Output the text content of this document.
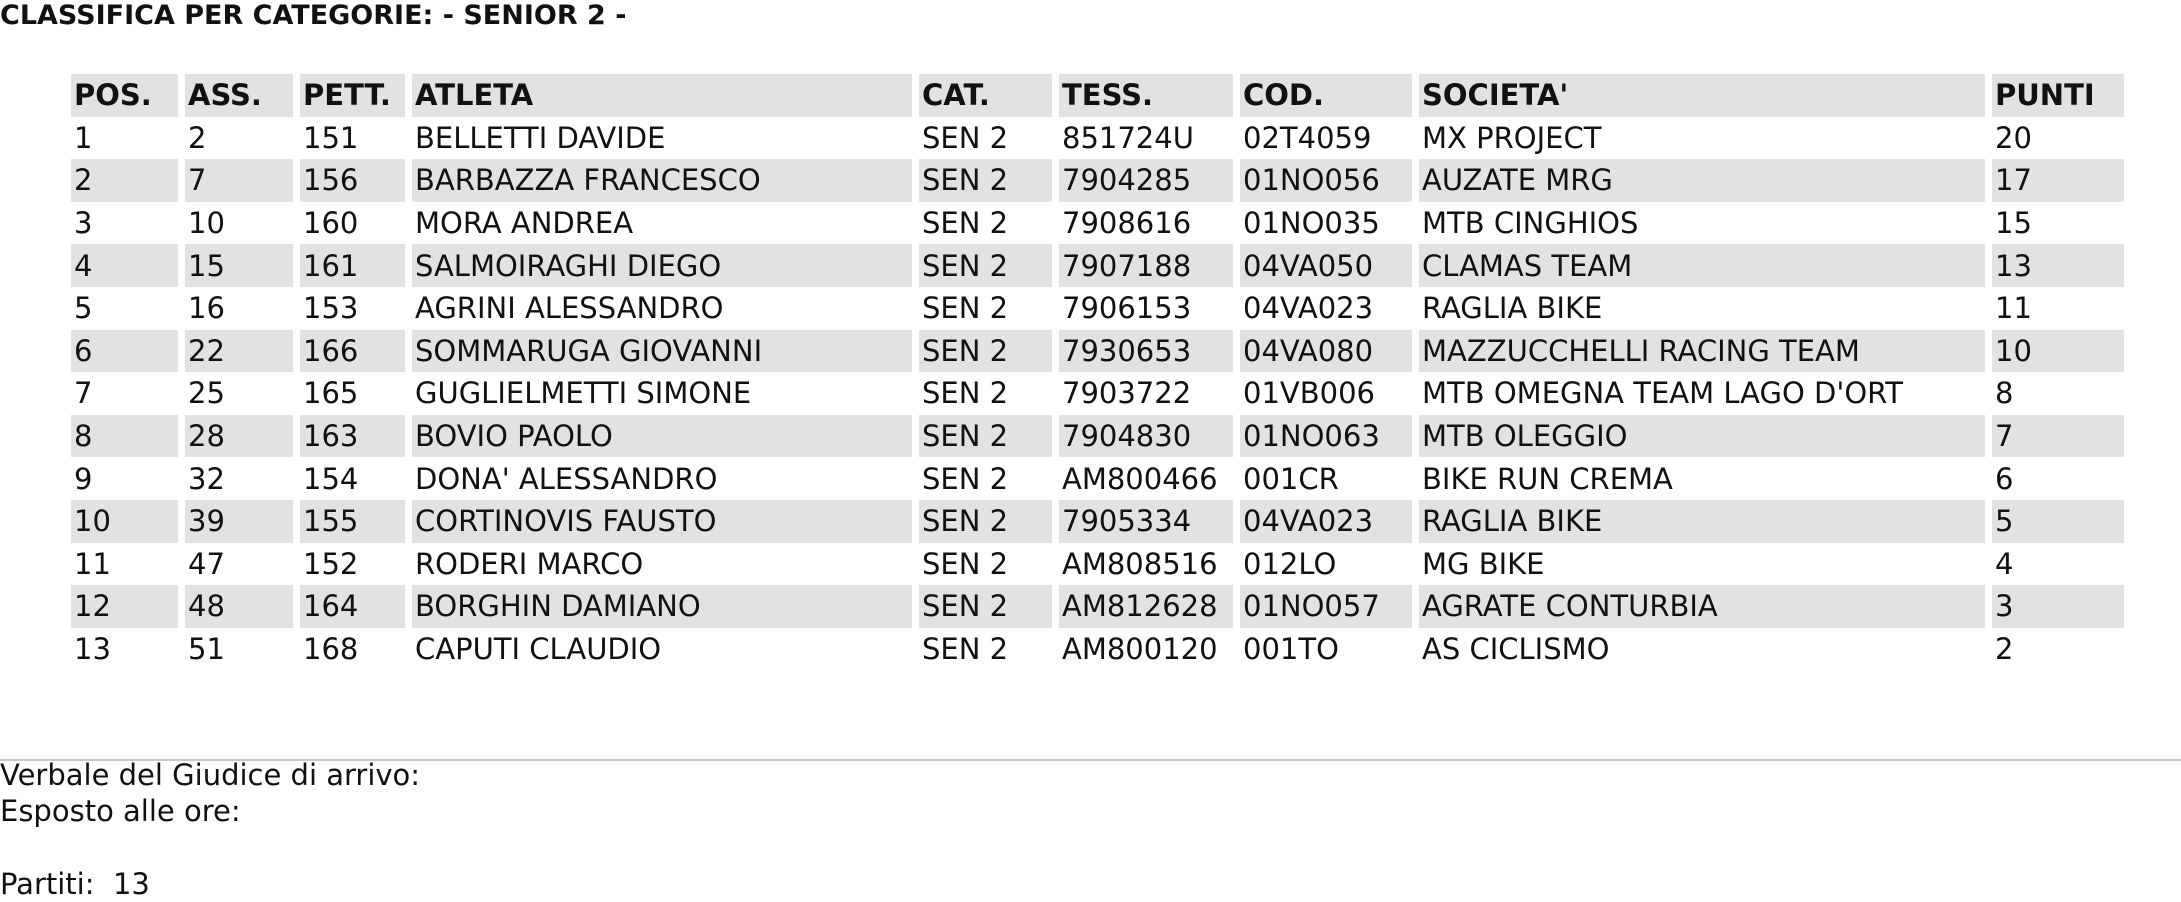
CLASSIFICA PER CATEGORIE: - SENIOR 2 -
POS.	ASS.	PETT.	ATLETA	CAT.	TESS.	COD.	SOCIETA'	PUNTI
1	2	151	BELLETTI DAVIDE	SEN 2	851724U	02T4059	MX PROJECT	20
2	7	156	BARBAZZA FRANCESCO	SEN 2	7904285	01NO056	AUZATE MRG	17
3	10	160	MORA ANDREA	SEN 2	7908616	01NO035	MTB CINGHIOS	15
4	15	161	SALMOIRAGHI DIEGO	SEN 2	7907188	04VA050	CLAMAS TEAM	13
5	16	153	AGRINI ALESSANDRO	SEN 2	7906153	04VA023	RAGLIA BIKE	11
6	22	166	SOMMARUGA GIOVANNI	SEN 2	7930653	04VA080	MAZZUCCHELLI RACING TEAM	10
7	25	165	GUGLIELMETTI SIMONE	SEN 2	7903722	01VB006	MTB OMEGNA TEAM LAGO D'ORT	8
8	28	163	BOVIO PAOLO	SEN 2	7904830	01NO063	MTB OLEGGIO	7
9	32	154	DONA' ALESSANDRO	SEN 2	AM800466	001CR	BIKE RUN CREMA	6
10	39	155	CORTINOVIS FAUSTO	SEN 2	7905334	04VA023	RAGLIA BIKE	5
11	47	152	RODERI MARCO	SEN 2	AM808516	012LO	MG BIKE	4
12	48	164	BORGHIN DAMIANO	SEN 2	AM812628	01NO057	AGRATE CONTURBIA	3
13	51	168	CAPUTI CLAUDIO	SEN 2	AM800120	001TO	AS CICLISMO	2
Verbale del Giudice di arrivo:
Esposto alle ore:
Partiti:  13
